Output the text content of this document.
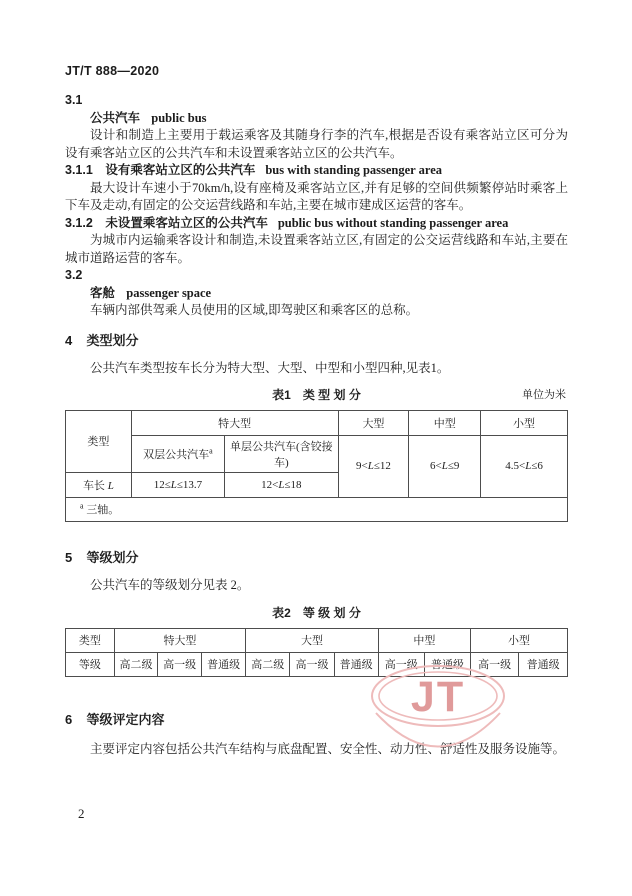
JT/T 888—2020
3.1
公共汽车 public bus

设计和制造上主要用于载运乘客及其随身行李的汽车,根据是否设有乘客站立区可分为设有乘客站立区的公共汽车和未设置乘客站立区的公共汽车。

3.1.1 设有乘客站立区的公共汽车 bus with standing passenger area

最大设计车速小于70km/h,设有座椅及乘客站立区,并有足够的空间供频繁停站时乘客上下车及走动,有固定的公交运营线路和车站,主要在城市建成区运营的客车。

3.1.2 未设置乘客站立区的公共汽车 public bus without standing passenger area

为城市内运输乘客设计和制造,未设置乘客站立区,有固定的公交运营线路和车站,主要在城市道路运营的客车。

3.2
客舱 passenger space

车辆内部供驾乘人员使用的区域,即驾驶区和乘客区的总称。

4 类型划分

公共汽车类型按车长分为特大型、大型、中型和小型四种,见表1。

表1　类 型 划 分	单位为米
类型	特大型		大型	中型	小型
	双层公共汽车$^a$	单层公共汽车(含铰接车)	9<L≤12	6<L≤9	4.5<L≤6
车长 L	12≤L≤13.7	12<L≤18			
$^a$ 三轴。					
5 等级划分

公共汽车的等级划分见表 2。

表2　等 级 划 分
类型	特大型			大型			中型		小型	
等级	高二级	高一级	普通级	高二级	高一级	普通级	高一级	普通级	高一级	普通级
6 等级评定内容

主要评定内容包括公共汽车结构与底盘配置、安全性、动力性、舒适性及服务设施等。

JT
2
